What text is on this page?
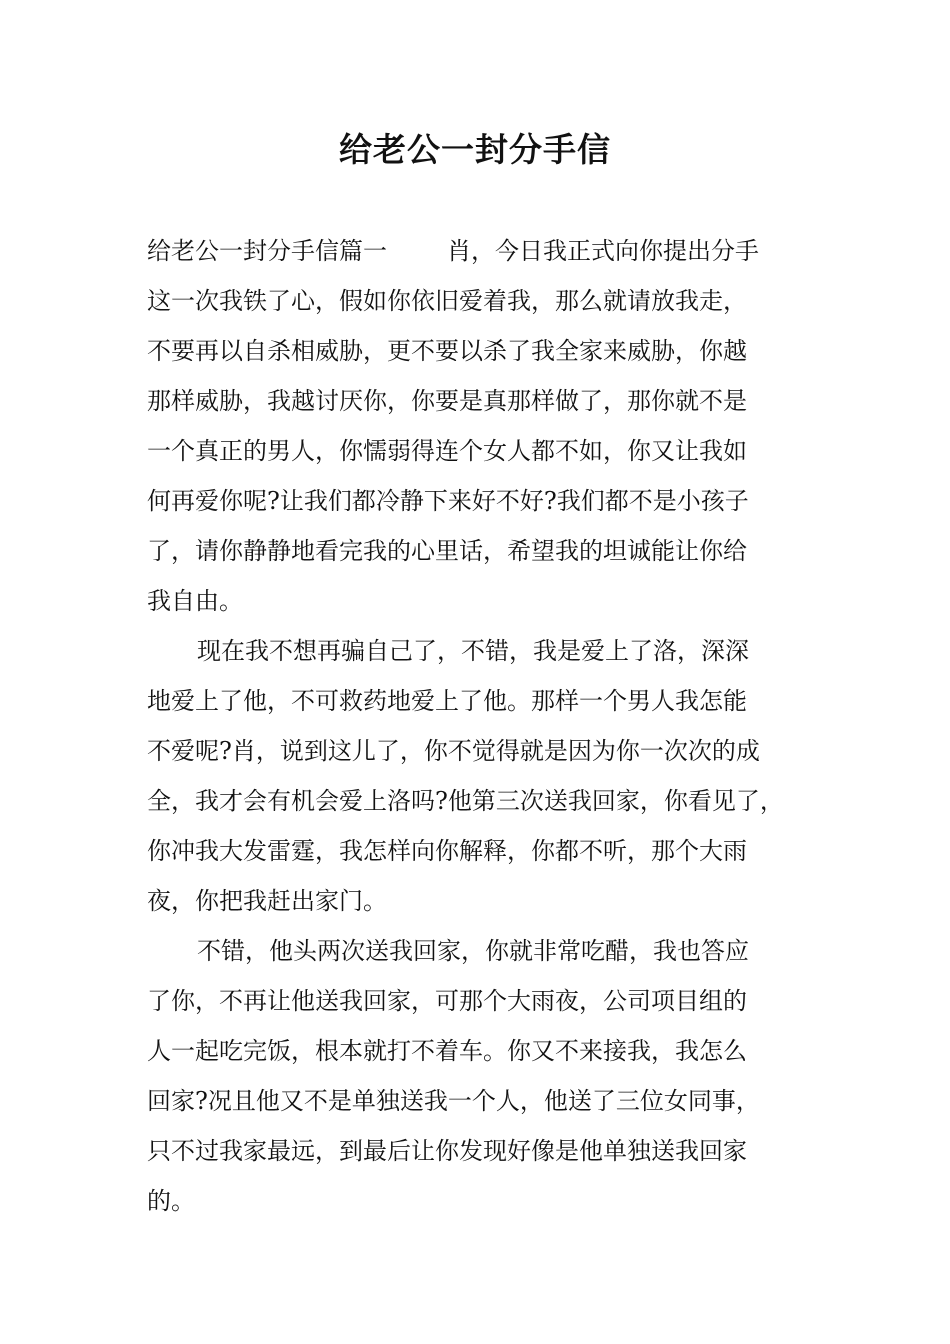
给老公一封分手信
给老公一封分手信篇一	肖，今日我正式向你提出分手
这一次我铁了心，假如你依旧爱着我，那么就请放我走，
不要再以自杀相威胁，更不要以杀了我全家来威胁，你越
那样威胁，我越讨厌你，你要是真那样做了，那你就不是
一个真正的男人，你懦弱得连个女人都不如，你又让我如
何再爱你呢?让我们都冷静下来好不好?我们都不是小孩子
了，请你静静地看完我的心里话，希望我的坦诚能让你给
我自由。
现在我不想再骗自己了，不错，我是爱上了洛，深深
地爱上了他，不可救药地爱上了他。那样一个男人我怎能
不爱呢?肖，说到这儿了，你不觉得就是因为你一次次的成
全，我才会有机会爱上洛吗?他第三次送我回家，你看见了，
你冲我大发雷霆，我怎样向你解释，你都不听，那个大雨
夜，你把我赶出家门。
不错，他头两次送我回家，你就非常吃醋，我也答应
了你，不再让他送我回家，可那个大雨夜，公司项目组的
人一起吃完饭，根本就打不着车。你又不来接我，我怎么
回家?况且他又不是单独送我一个人，他送了三位女同事，
只不过我家最远，到最后让你发现好像是他单独送我回家
的。
